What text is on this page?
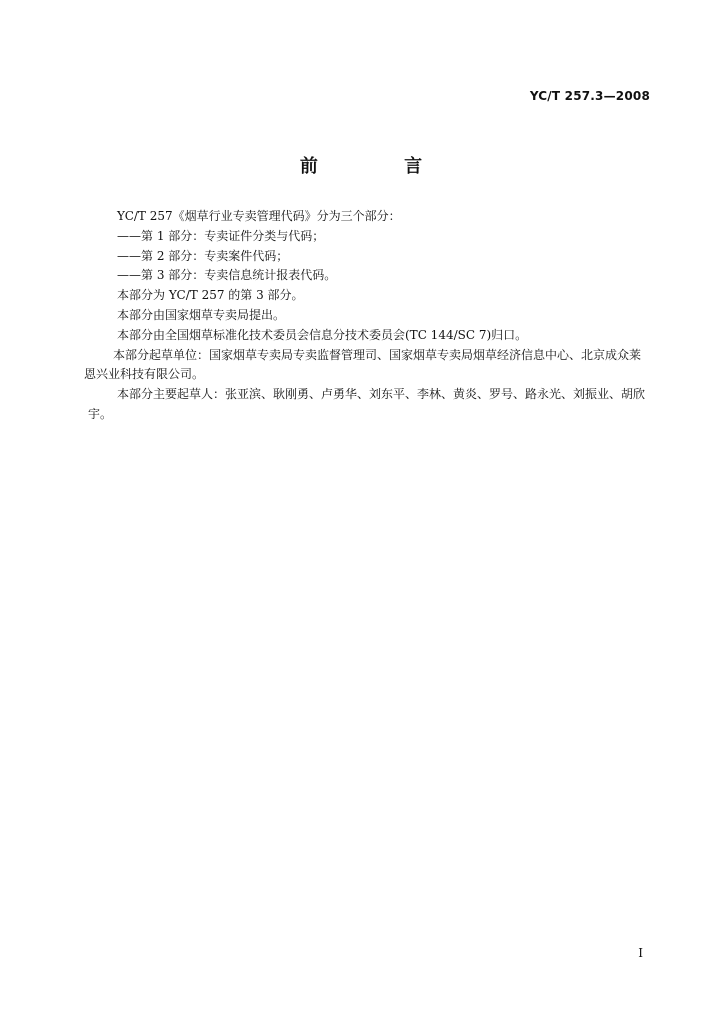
YC/T 257.3—2008
前 言

YC/T 257《烟草行业专卖管理代码》分为三个部分：

——第 1 部分：专卖证件分类与代码；

——第 2 部分：专卖案件代码；

——第 3 部分：专卖信息统计报表代码。

本部分为 YC/T 257 的第 3 部分。

本部分由国家烟草专卖局提出。

本部分由全国烟草标准化技术委员会信息分技术委员会(TC 144/SC 7)归口。

本部分起草单位：国家烟草专卖局专卖监督管理司、国家烟草专卖局烟草经济信息中心、北京成众莱恩兴业科技有限公司。

本部分主要起草人：张亚滨、耿刚勇、卢勇华、刘东平、李林、黄炎、罗号、路永光、刘振业、胡欣宇。

I
